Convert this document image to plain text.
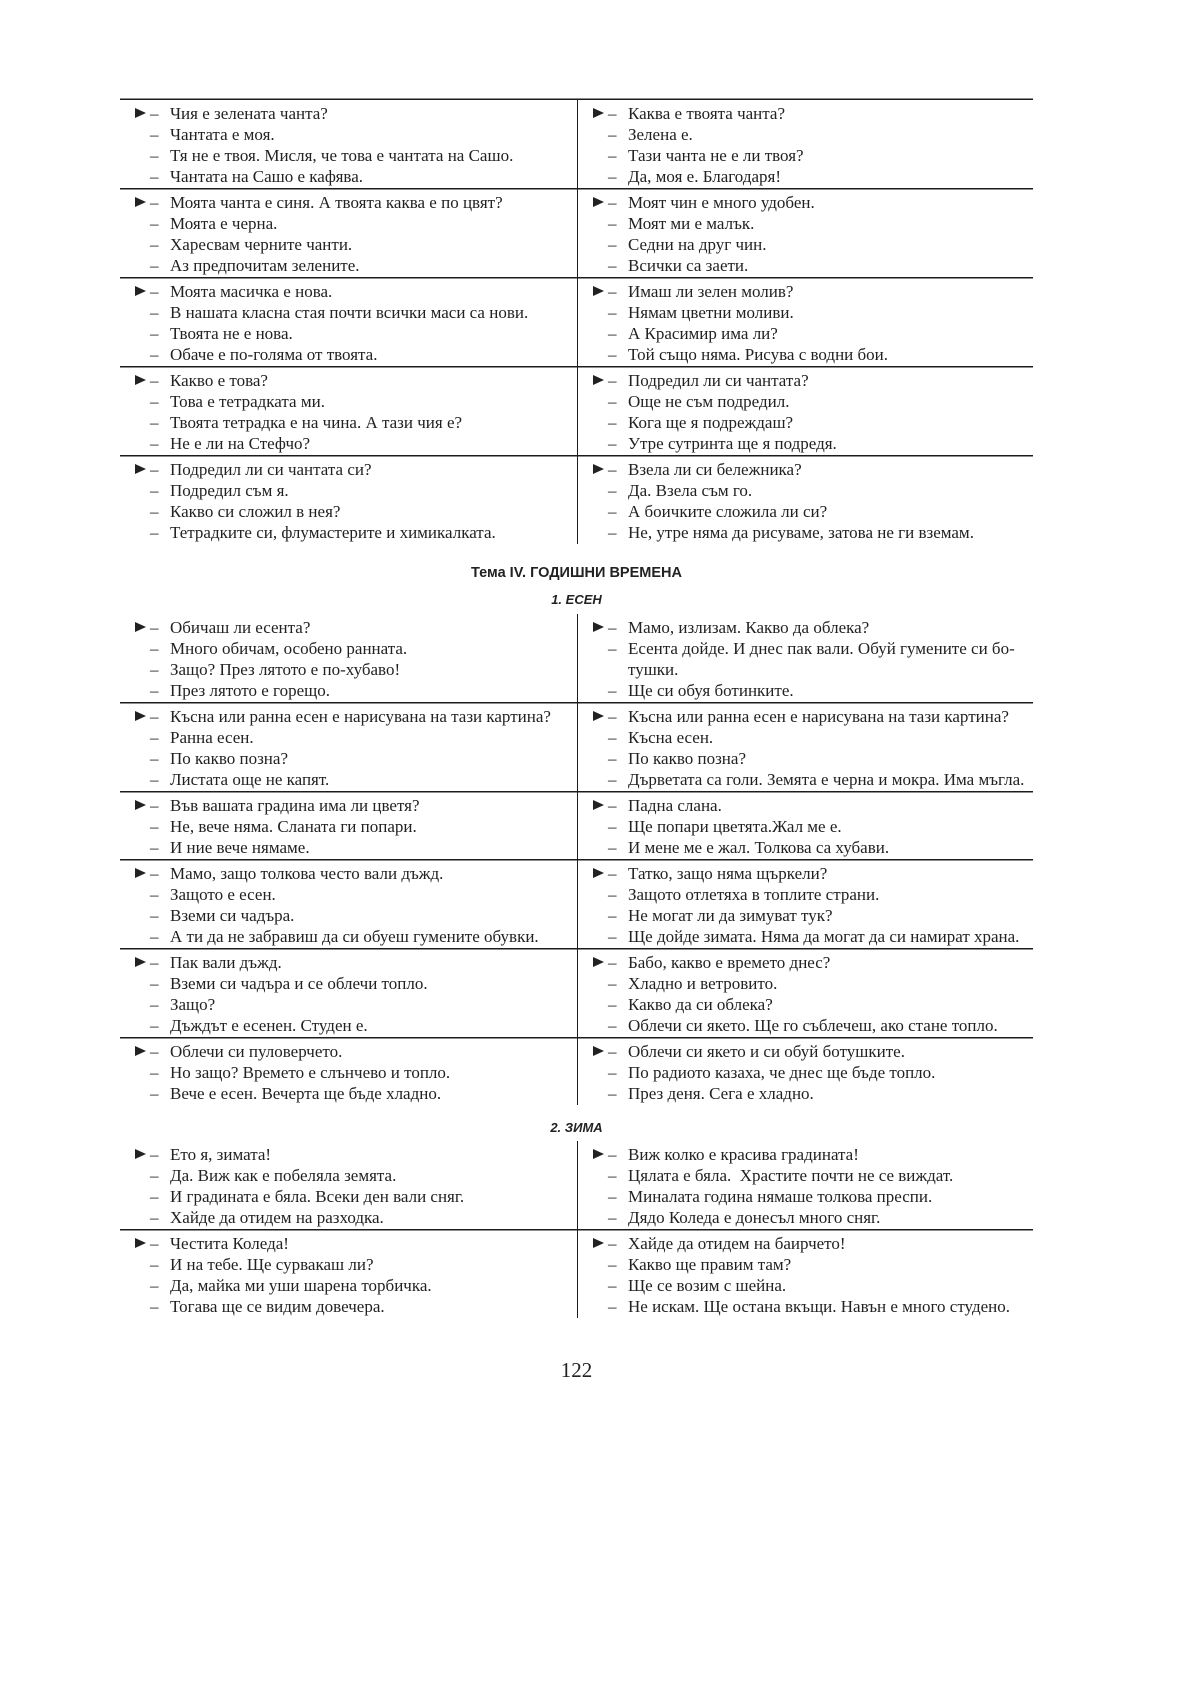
– Чия е зелената чанта?
– Чантата е моя.
– Тя не е твоя. Мисля, че това е чантата на Сашо.
– Чантата на Сашо е кафява.
– Каква е твоята чанта?
– Зелена е.
– Тази чанта не е ли твоя?
– Да, моя е. Благодаря!
– Моята чанта е синя. А твоята каква е по цвят?
– Моята е черна.
– Харесвам черните чанти.
– Аз предпочитам зелените.
– Моят чин е много удобен.
– Моят ми е малък.
– Седни на друг чин.
– Всички са заети.
– Моята масичка е нова.
– В нашата класна стая почти всички маси са нови.
– Твоята не е нова.
– Обаче е по-голяма от твоята.
– Имаш ли зелен молив?
– Нямам цветни моливи.
– А Красимир има ли?
– Той също няма. Рисува с водни бои.
– Какво е това?
– Това е тетрадката ми.
– Твоята тетрадка е на чина. А тази чия е?
– Не е ли на Стефчо?
– Подредил ли си чантата?
– Още не съм подредил.
– Кога ще я подреждаш?
– Утре сутринта ще я подредя.
– Подредил ли си чантата си?
– Подредил съм я.
– Какво си сложил в нея?
– Тетрадките си, флумастерите и химикалката.
– Взела ли си бележника?
– Да. Взела съм го.
– А боичките сложила ли си?
– Не, утре няма да рисуваме, затова не ги вземам.
Тема IV. ГОДИШНИ ВРЕМЕНА
1. ЕСЕН
– Обичаш ли есента?
– Много обичам, особено ранната.
– Защо? През лятото е по-хубаво!
– През лятото е горещо.
– Мамо, излизам. Какво да облека?
– Есента дойде. И днес пак вали. Обуй гумените си бо-
тушки.
– Ще си обуя ботинките.
– Късна или ранна есен е нарисувана на тази картина?
– Ранна есен.
– По какво позна?
– Листата още не капят.
– Късна или ранна есен е нарисувана на тази картина?
– Късна есен.
– По какво позна?
– Дърветата са голи. Земята е черна и мокра. Има мъгла.
– Във вашата градина има ли цветя?
– Не, вече няма. Сланата ги попари.
– И ние вече нямаме.
– Падна слана.
– Ще попари цветята.Жал ме е.
– И мене ме е жал. Толкова са хубави.
– Мамо, защо толкова често вали дъжд.
– Защото е есен.
– Вземи си чадъра.
– А ти да не забравиш да си обуеш гумените обувки.
– Татко, защо няма щъркели?
– Защото отлетяха в топлите страни.
– Не могат ли да зимуват тук?
– Ще дойде зимата. Няма да могат да си намират храна.
– Пак вали дъжд.
– Вземи си чадъра и се облечи топло.
– Защо?
– Дъждът е есенен. Студен е.
– Бабо, какво е времето днес?
– Хладно и ветровито.
– Какво да си облека?
– Облечи си якето. Ще го съблечеш, ако стане топло.
– Облечи си пуловерчето.
– Но защо? Времето е слънчево и топло.
– Вече е есен. Вечерта ще бъде хладно.
– Облечи си якето и си обуй ботушките.
– По радиото казаха, че днес ще бъде топло.
– През деня. Сега е хладно.
2. ЗИМА
– Ето я, зимата!
– Да. Виж как е побеляла земята.
– И градината е бяла. Всеки ден вали сняг.
– Хайде да отидем на разходка.
– Виж колко е красива градината!
– Цялата е бяла.  Храстите почти не се виждат.
– Миналата година нямаше толкова преспи.
– Дядо Коледа е донесъл много сняг.
– Честита Коледа!
– И на тебе. Ще сурвакаш ли?
– Да, майка ми уши шарена торбичка.
– Тогава ще се видим довечера.
– Хайде да отидем на баирчето!
– Какво ще правим там?
– Ще се возим с шейна.
– Не искам. Ще остана вкъщи. Навън е много студено.
122
